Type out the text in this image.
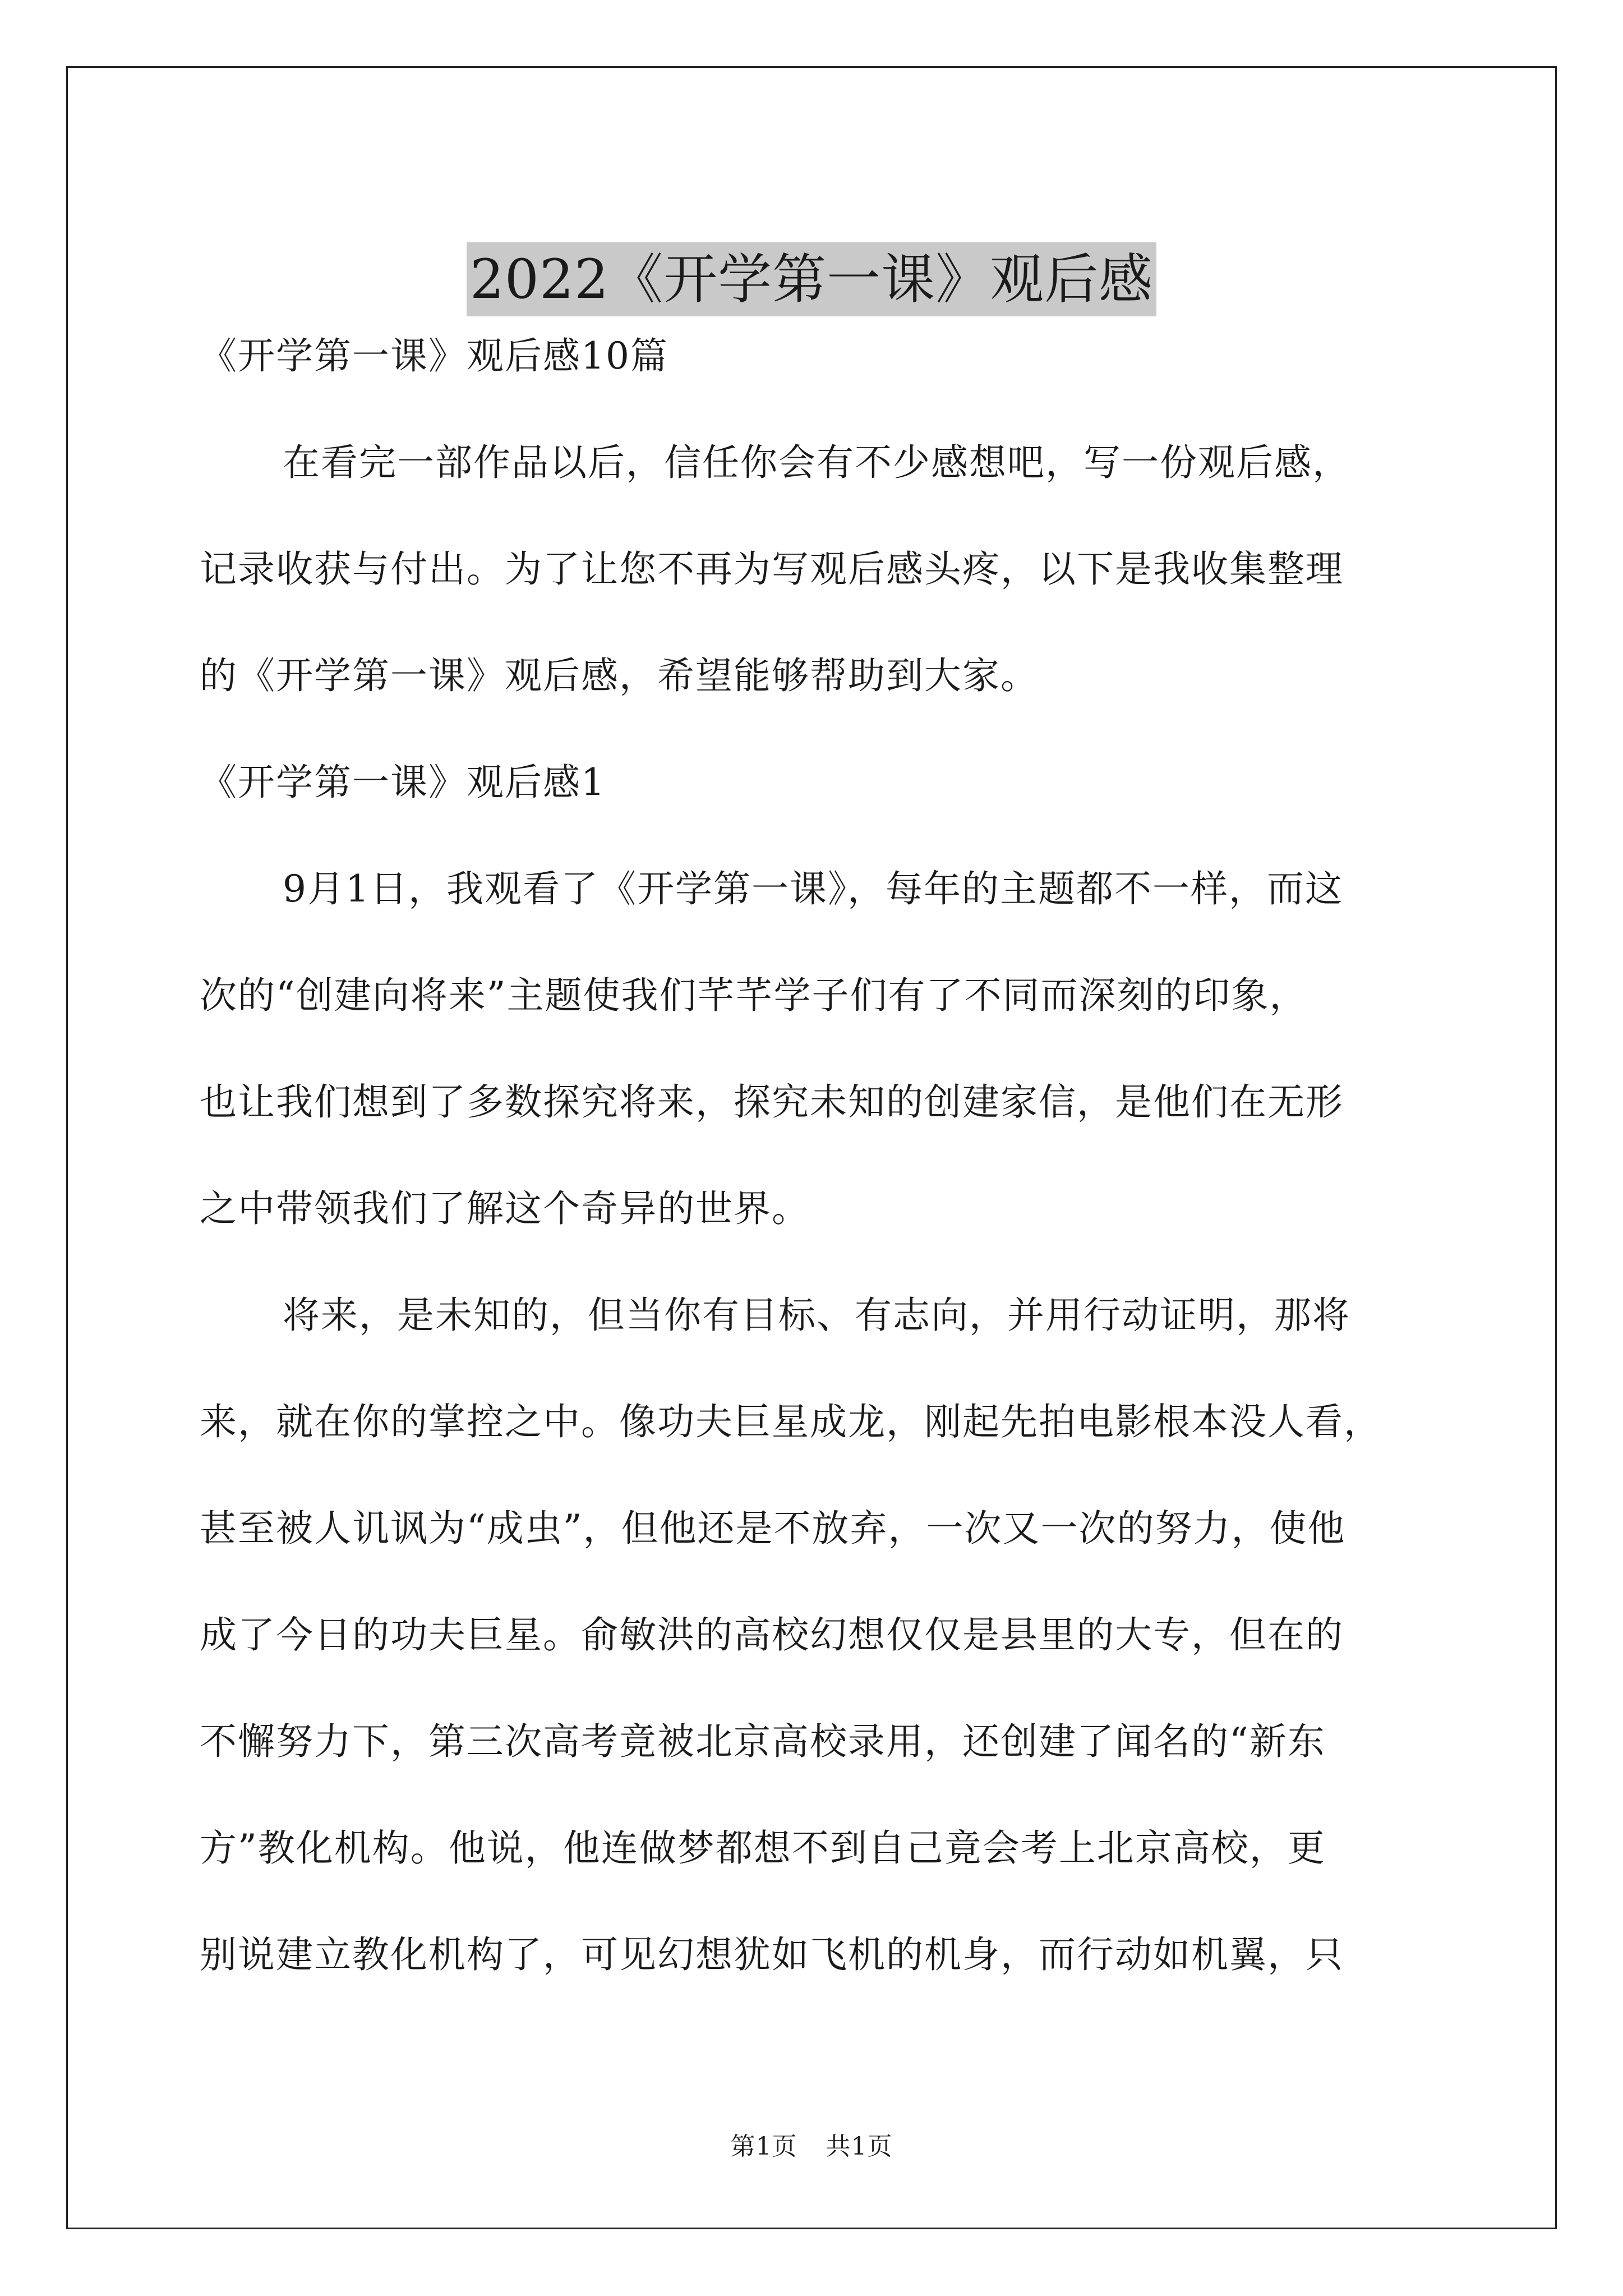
2022《开学第一课》观后感
《开学第一课》观后感10篇
在看完一部作品以后，信任你会有不少感想吧，写一份观后感，
记录收获与付出。为了让您不再为写观后感头疼，以下是我收集整理
的《开学第一课》观后感，希望能够帮助到大家。
《开学第一课》观后感1
9月1日，我观看了《开学第一课》，每年的主题都不一样，而这
次的“创建向将来”主题使我们芊芊学子们有了不同而深刻的印象，
也让我们想到了多数探究将来，探究未知的创建家信，是他们在无形
之中带领我们了解这个奇异的世界。
将来，是未知的，但当你有目标、有志向，并用行动证明，那将
来，就在你的掌控之中。像功夫巨星成龙，刚起先拍电影根本没人看，
甚至被人讥讽为“成虫”，但他还是不放弃，一次又一次的努力，使他
成了今日的功夫巨星。俞敏洪的高校幻想仅仅是县里的大专，但在的
不懈努力下，第三次高考竟被北京高校录用，还创建了闻名的“新东
方”教化机构。他说，他连做梦都想不到自己竟会考上北京高校，更
别说建立教化机构了，可见幻想犹如飞机的机身，而行动如机翼，只
第1页 共1页
